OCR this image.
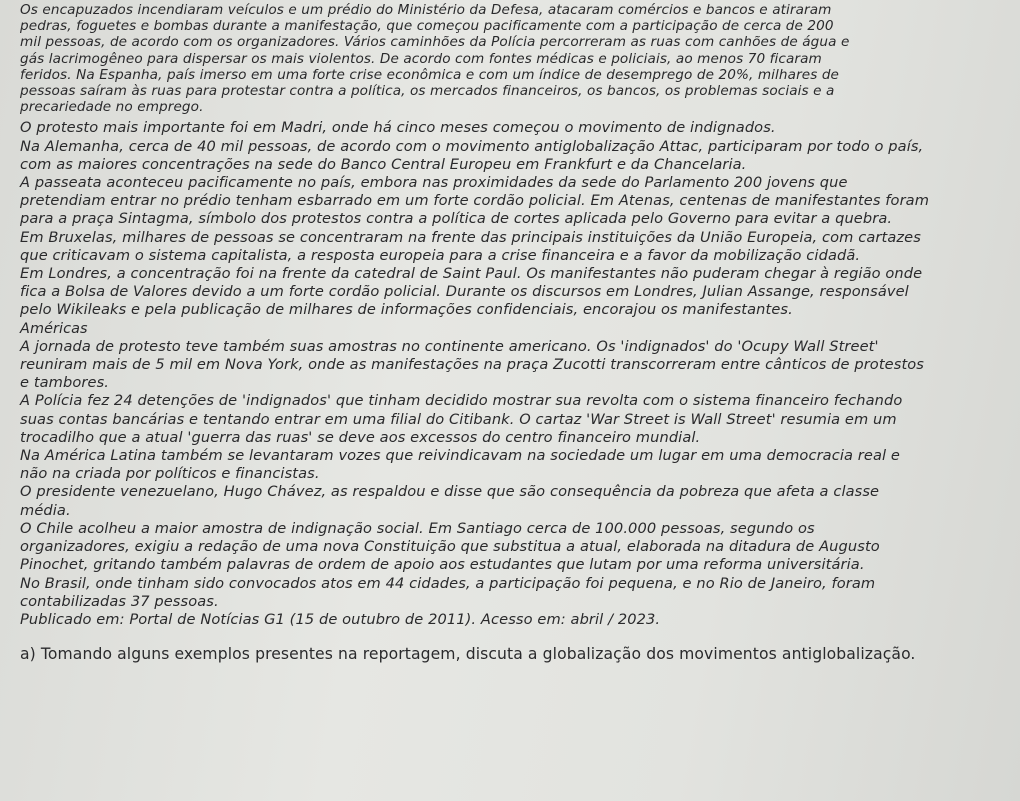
Os encapuzados incendiaram veículos e um prédio do Ministério da Defesa, atacaram comércios e bancos e atiraram

pedras, foguetes e bombas durante a manifestação, que começou pacificamente com a participação de cerca de 200

mil pessoas, de acordo com os organizadores. Vários caminhões da Polícia percorreram as ruas com canhões de água e

gás lacrimogêneo para dispersar os mais violentos. De acordo com fontes médicas e policiais, ao menos 70 ficaram

feridos. Na Espanha, país imerso em uma forte crise econômica e com um índice de desemprego de 20%, milhares de

pessoas saíram às ruas para protestar contra a política, os mercados financeiros, os bancos, os problemas sociais e a

precariedade no emprego.

O protesto mais importante foi em Madri, onde há cinco meses começou o movimento de indignados.

Na Alemanha, cerca de 40 mil pessoas, de acordo com o movimento antiglobalização Attac, participaram por todo o país,

com as maiores concentrações na sede do Banco Central Europeu em Frankfurt e da Chancelaria.

A passeata aconteceu pacificamente no país, embora nas proximidades da sede do Parlamento 200 jovens que

pretendiam entrar no prédio tenham esbarrado em um forte cordão policial. Em Atenas, centenas de manifestantes foram

para a praça Sintagma, símbolo dos protestos contra a política de cortes aplicada pelo Governo para evitar a quebra.

Em Bruxelas, milhares de pessoas se concentraram na frente das principais instituições da União Europeia, com cartazes

que criticavam o sistema capitalista, a resposta europeia para a crise financeira e a favor da mobilização cidadã.

Em Londres, a concentração foi na frente da catedral de Saint Paul. Os manifestantes não puderam chegar à região onde

fica a Bolsa de Valores devido a um forte cordão policial. Durante os discursos em Londres, Julian Assange, responsável

pelo Wikileaks e pela publicação de milhares de informações confidenciais, encorajou os manifestantes.

Américas

A jornada de protesto teve também suas amostras no continente americano. Os 'indignados' do 'Ocupy Wall Street'

reuniram mais de 5 mil em Nova York, onde as manifestações na praça Zucotti transcorreram entre cânticos de protestos

e tambores.

A Polícia fez 24 detenções de 'indignados' que tinham decidido mostrar sua revolta com o sistema financeiro fechando

suas contas bancárias e tentando entrar em uma filial do Citibank. O cartaz 'War Street is Wall Street' resumia em um

trocadilho que a atual 'guerra das ruas' se deve aos excessos do centro financeiro mundial.

Na América Latina também se levantaram vozes que reivindicavam na sociedade um lugar em uma democracia real e

não na criada por políticos e financistas.

O presidente venezuelano, Hugo Chávez, as respaldou e disse que são consequência da pobreza que afeta a classe

média.

O Chile acolheu a maior amostra de indignação social. Em Santiago cerca de 100.000 pessoas, segundo os

organizadores, exigiu a redação de uma nova Constituição que substitua a atual, elaborada na ditadura de Augusto

Pinochet, gritando também palavras de ordem de apoio aos estudantes que lutam por uma reforma universitária.

No Brasil, onde tinham sido convocados atos em 44 cidades, a participação foi pequena, e no Rio de Janeiro, foram

contabilizadas 37 pessoas.

Publicado em: Portal de Notícias G1 (15 de outubro de 2011). Acesso em: abril / 2023.

a) Tomando alguns exemplos presentes na reportagem, discuta a globalização dos movimentos antiglobalização.
